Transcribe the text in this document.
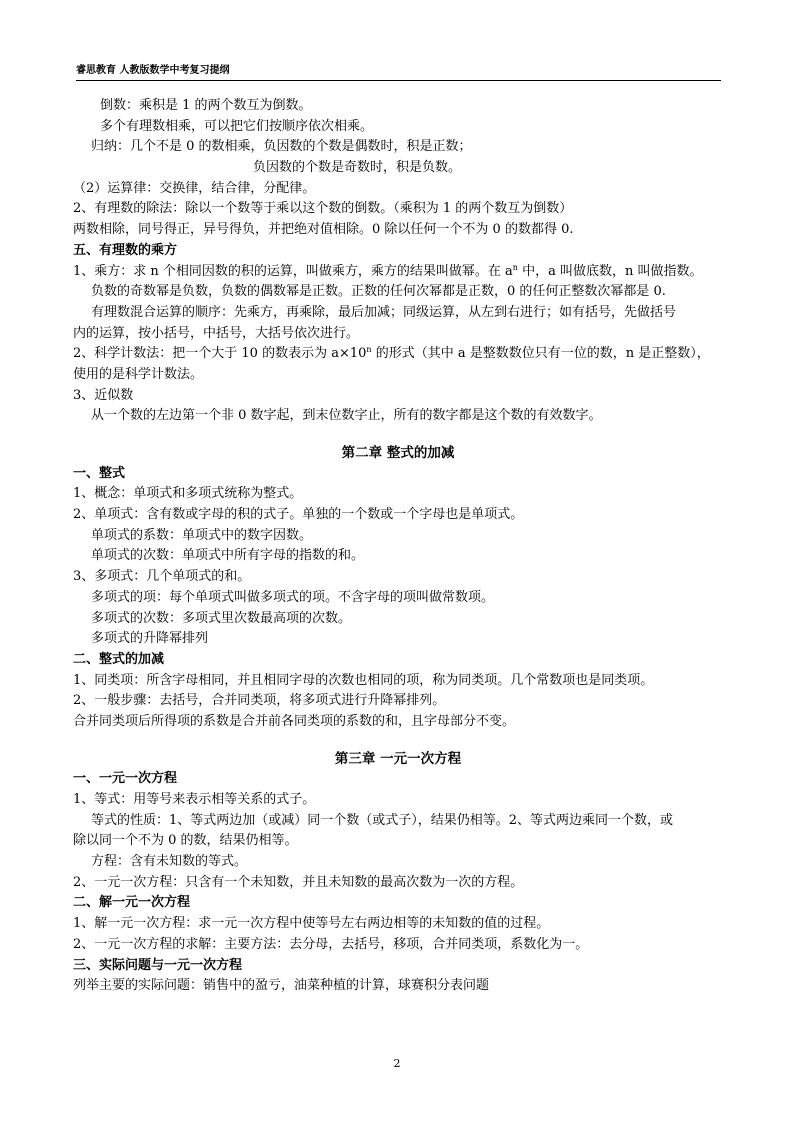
睿思教育 人教版数学中考复习提纲
倒数：乘积是 1 的两个数互为倒数。
多个有理数相乘，可以把它们按顺序依次相乘。
归纳：几个不是 0 的数相乘，负因数的个数是偶数时，积是正数；
负因数的个数是奇数时，积是负数。
（2）运算律：交换律，结合律，分配律。
2、有理数的除法：除以一个数等于乘以这个数的倒数。（乘积为 1 的两个数互为倒数）
两数相除，同号得正，异号得负，并把绝对值相除。0 除以任何一个不为 0 的数都得 0.
五、有理数的乘方
1、乘方：求 n 个相同因数的积的运算，叫做乘方，乘方的结果叫做幂。在 $a^n$ 中，a 叫做底数，n 叫做指数。
负数的奇数幂是负数，负数的偶数幂是正数。正数的任何次幂都是正数，0 的任何正整数次幂都是 0.
有理数混合运算的顺序：先乘方，再乘除，最后加减；同级运算，从左到右进行；如有括号，先做括号
内的运算，按小括号，中括号，大括号依次进行。
2、科学计数法：把一个大于 10 的数表示为 $a\times 10^n$ 的形式（其中 a 是整数数位只有一位的数，n 是正整数），
使用的是科学计数法。
3、近似数
从一个数的左边第一个非 0 数字起，到末位数字止，所有的数字都是这个数的有效数字。
第二章 整式的加减
一、整式
1、概念：单项式和多项式统称为整式。
2、单项式：含有数或字母的积的式子。单独的一个数或一个字母也是单项式。
单项式的系数：单项式中的数字因数。
单项式的次数：单项式中所有字母的指数的和。
3、多项式：几个单项式的和。
多项式的项：每个单项式叫做多项式的项。不含字母的项叫做常数项。
多项式的次数：多项式里次数最高项的次数。
多项式的升降幂排列
二、整式的加减
1、同类项：所含字母相同，并且相同字母的次数也相同的项，称为同类项。几个常数项也是同类项。
2、一般步骤：去括号，合并同类项，将多项式进行升降幂排列。
合并同类项后所得项的系数是合并前各同类项的系数的和，且字母部分不变。
第三章 一元一次方程
一、一元一次方程
1、等式：用等号来表示相等关系的式子。
等式的性质：1、等式两边加（或减）同一个数（或式子），结果仍相等。2、等式两边乘同一个数，或
除以同一个不为 0 的数，结果仍相等。
方程：含有未知数的等式。
2、一元一次方程：只含有一个未知数，并且未知数的最高次数为一次的方程。
二、解一元一次方程
1、解一元一次方程：求一元一次方程中使等号左右两边相等的未知数的值的过程。
2、一元一次方程的求解：主要方法：去分母，去括号，移项，合并同类项，系数化为一。
三、实际问题与一元一次方程
列举主要的实际问题：销售中的盈亏，油菜种植的计算，球赛积分表问题
2
